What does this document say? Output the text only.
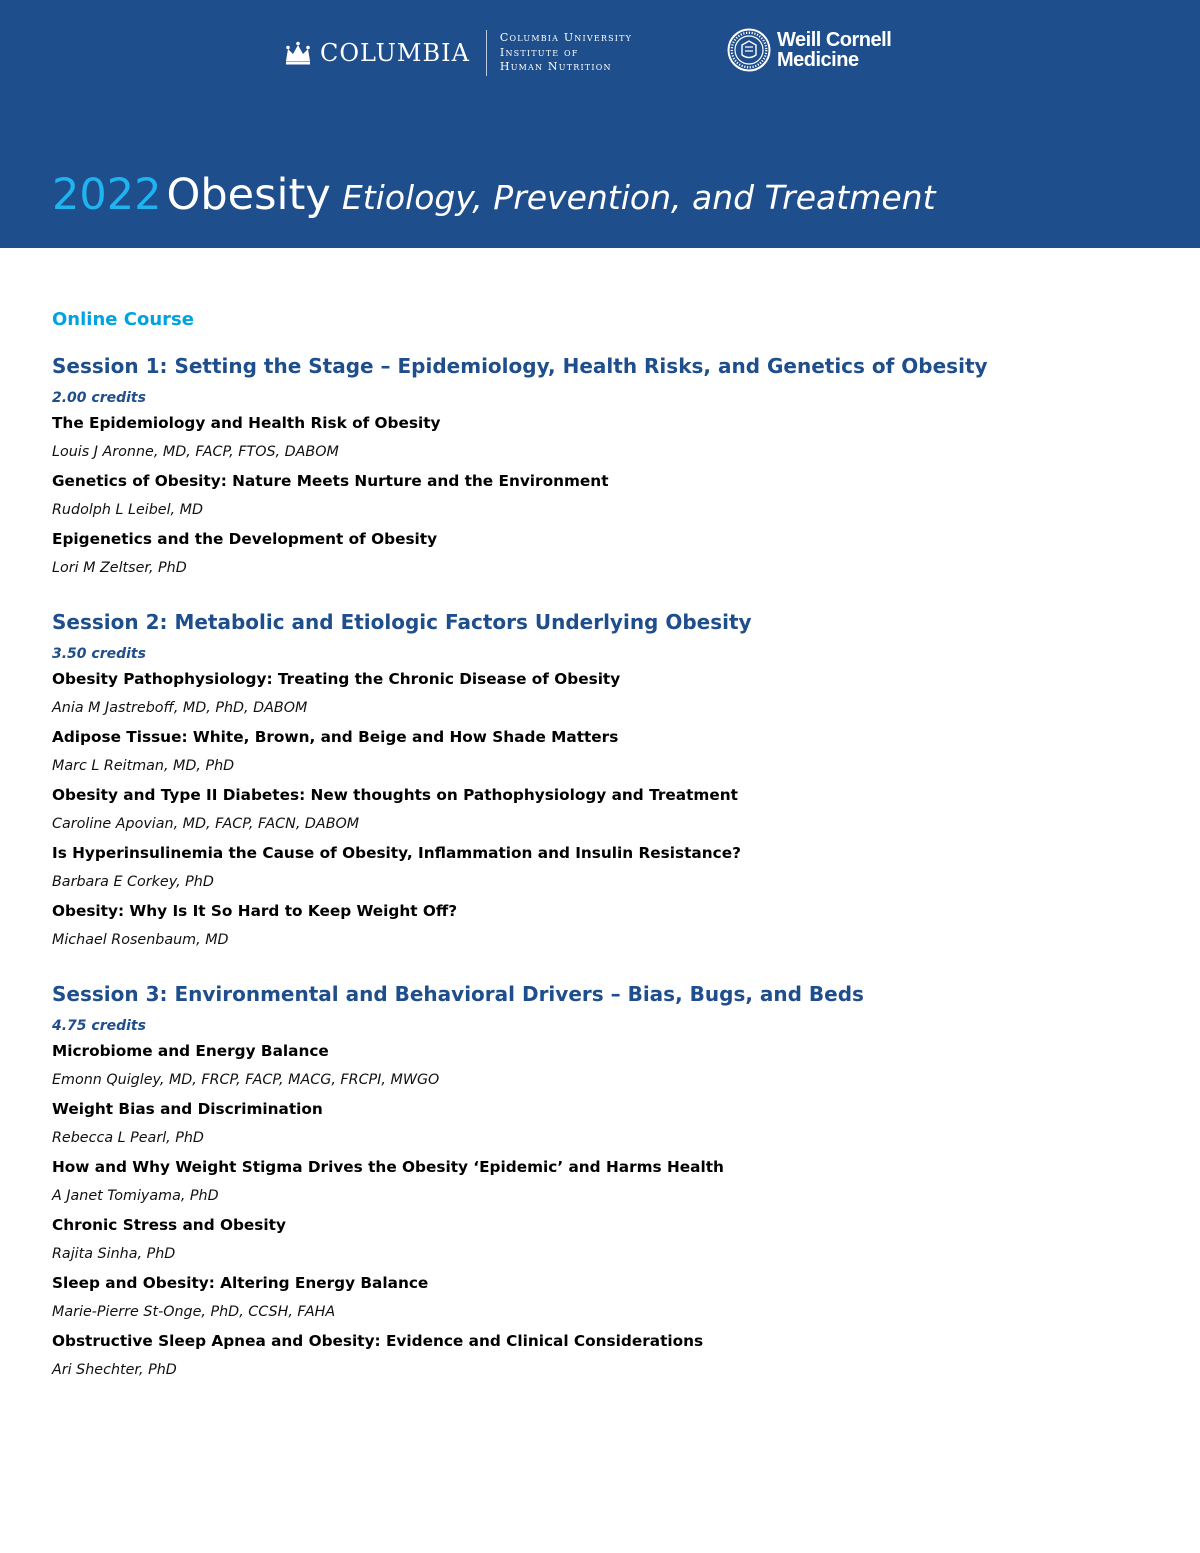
COLUMBIA
Columbia University
Institute of
Human Nutrition
Weill Cornell
Medicine
2022 Obesity Etiology, Prevention, and Treatment
Online Course
Session 1: Setting the Stage – Epidemiology, Health Risks, and Genetics of Obesity
2.00 credits
The Epidemiology and Health Risk of Obesity
Louis J Aronne, MD, FACP, FTOS, DABOM
Genetics of Obesity: Nature Meets Nurture and the Environment
Rudolph L Leibel, MD
Epigenetics and the Development of Obesity
Lori M Zeltser, PhD
Session 2: Metabolic and Etiologic Factors Underlying Obesity
3.50 credits
Obesity Pathophysiology: Treating the Chronic Disease of Obesity
Ania M Jastreboff, MD, PhD, DABOM
Adipose Tissue: White, Brown, and Beige and How Shade Matters
Marc L Reitman, MD, PhD
Obesity and Type II Diabetes: New thoughts on Pathophysiology and Treatment
Caroline Apovian, MD, FACP, FACN, DABOM
Is Hyperinsulinemia the Cause of Obesity, Inflammation and Insulin Resistance?
Barbara E Corkey, PhD
Obesity: Why Is It So Hard to Keep Weight Off?
Michael Rosenbaum, MD
Session 3: Environmental and Behavioral Drivers – Bias, Bugs, and Beds
4.75 credits
Microbiome and Energy Balance
Emonn Quigley, MD, FRCP, FACP, MACG, FRCPI, MWGO
Weight Bias and Discrimination
Rebecca L Pearl, PhD
How and Why Weight Stigma Drives the Obesity ‘Epidemic’ and Harms Health
A Janet Tomiyama, PhD
Chronic Stress and Obesity
Rajita Sinha, PhD
Sleep and Obesity: Altering Energy Balance
Marie-Pierre St-Onge, PhD, CCSH, FAHA
Obstructive Sleep Apnea and Obesity: Evidence and Clinical Considerations
Ari Shechter, PhD
